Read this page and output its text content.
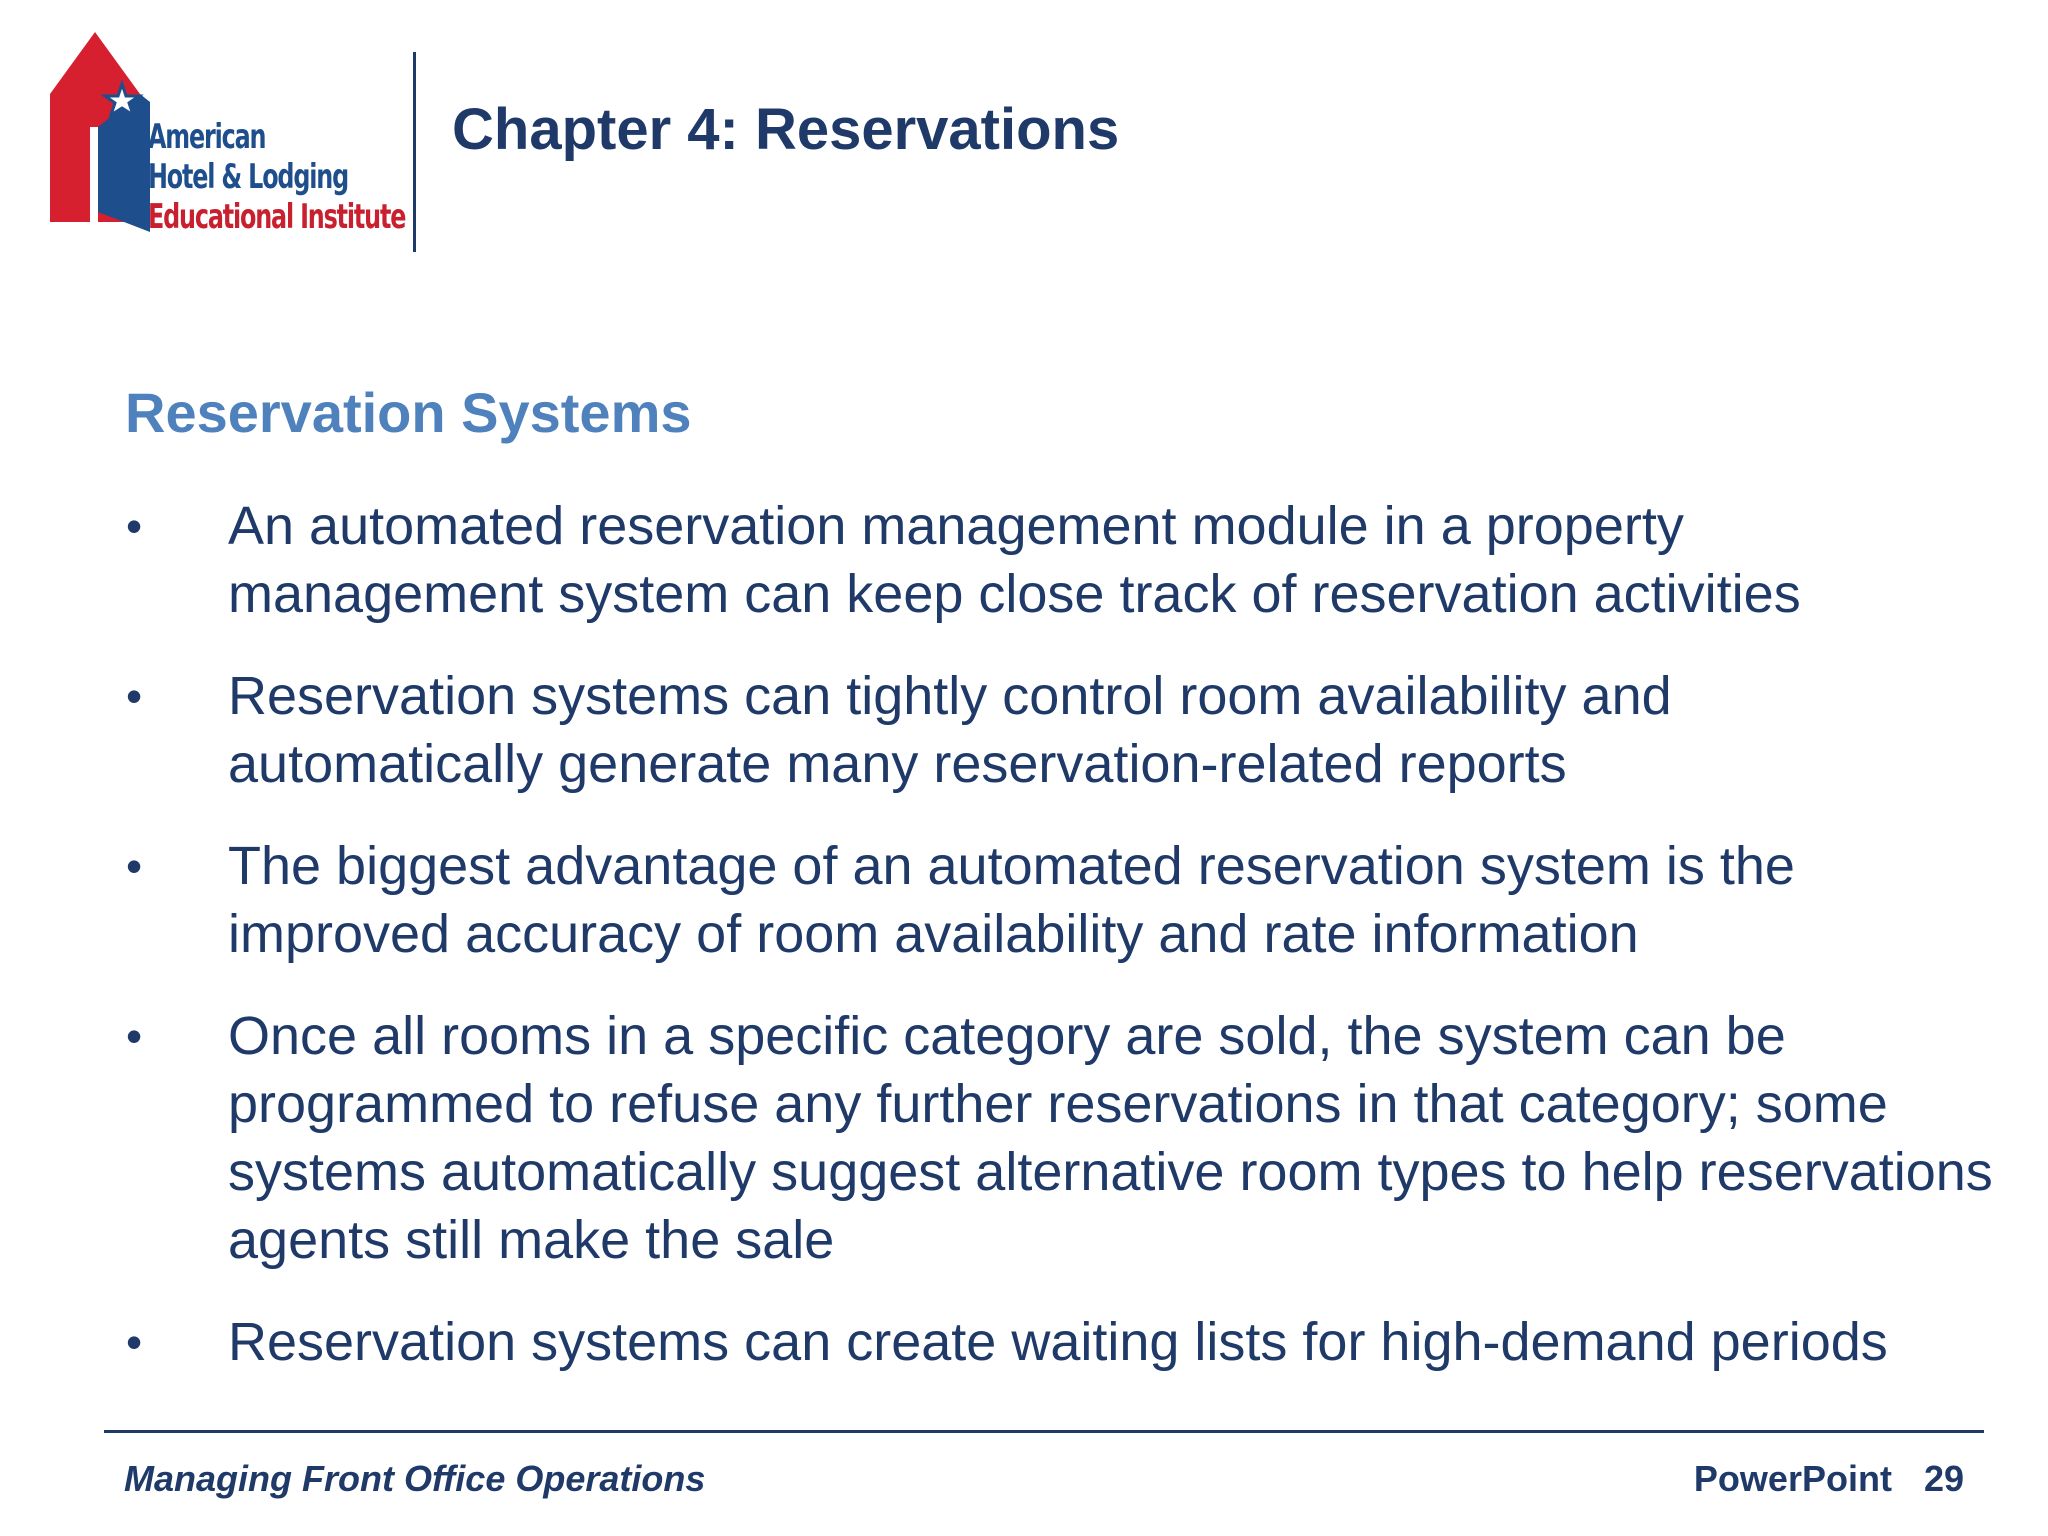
American
Hotel & Lodging
Educational Institute
Chapter 4: Reservations
Reservation Systems
• An automated reservation management module in a property management system can keep close track of reservation activities
• Reservation systems can tightly control room availability and automatically generate many reservation-related reports
• The biggest advantage of an automated reservation system is the improved accuracy of room availability and rate information
• Once all rooms in a specific category are sold, the system can be programmed to refuse any further reservations in that category; some systems automatically suggest alternative room types to help reservations agents still make the sale
• Reservation systems can create waiting lists for high-demand periods
Managing Front Office Operations	PowerPoint 29
